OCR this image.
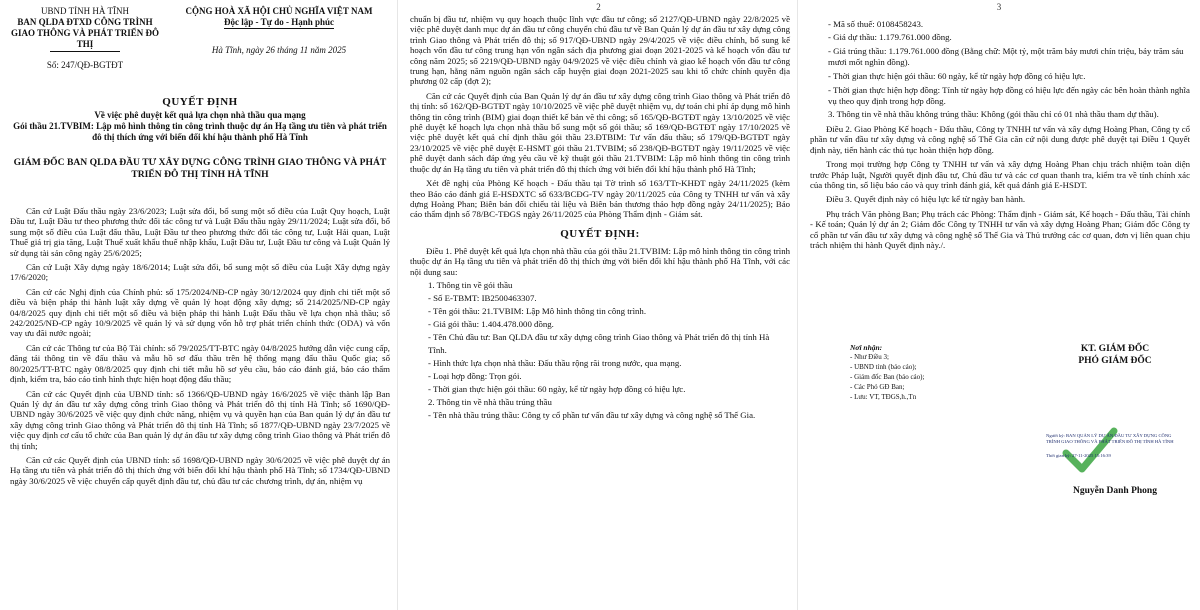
UBND TỈNH HÀ TĨNH
BAN QLDA ĐTXD CÔNG TRÌNH
GIAO THÔNG VÀ PHÁT TRIỂN ĐÔ THỊ
Số: 247/QĐ-BGTĐT
CỘNG HOÀ XÃ HỘI CHỦ NGHĨA VIỆT NAM
Độc lập - Tự do - Hạnh phúc
Hà Tĩnh, ngày 26 tháng 11 năm 2025
QUYẾT ĐỊNH
Về việc phê duyệt kết quả lựa chọn nhà thầu qua mạng
Gói thầu 21.TVBIM: Lập mô hình thông tin công trình thuộc dự án Hạ tầng ưu tiên và phát triển đô thị thích ứng với biến đổi khí hậu thành phố Hà Tĩnh
GIÁM ĐỐC BAN QLDA ĐẦU TƯ XÂY DỰNG CÔNG TRÌNH GIAO THÔNG VÀ PHÁT TRIỂN ĐÔ THỊ TỈNH HÀ TĨNH

Căn cứ Luật Đấu thầu ngày 23/6/2023; Luật sửa đổi, bổ sung một số điều của Luật Quy hoạch, Luật Đầu tư, Luật Đầu tư theo phương thức đối tác công tư và Luật Đấu thầu ngày 29/11/2024; Luật sửa đổi, bổ sung một số điều của Luật đấu thầu, Luật Đầu tư theo phương thức đối tác công tư, Luật Hải quan, Luật Thuế giá trị gia tăng, Luật Thuế xuất khẩu thuế nhập khẩu, Luật Đầu tư, Luật Đầu tư công và Luật Quản lý sử dụng tài sản công ngày 25/6/2025;

Căn cứ Luật Xây dựng ngày 18/6/2014; Luật sửa đổi, bổ sung một số điều của Luật Xây dựng ngày 17/6/2020;

Căn cứ các Nghị định của Chính phủ: số 175/2024/NĐ-CP ngày 30/12/2024 quy định chi tiết một số điều và biện pháp thi hành luật xây dựng về quản lý hoạt động xây dựng; số 214/2025/NĐ-CP ngày 04/8/2025 quy định chi tiết một số điều và biện pháp thi hành Luật Đấu thầu về lựa chọn nhà thầu; số 242/2025/NĐ-CP ngày 10/9/2025 về quản lý và sử dụng vốn hỗ trợ phát triển chính thức (ODA) và vốn vay ưu đãi nước ngoài;

Căn cứ các Thông tư của Bộ Tài chính: số 79/2025/TT-BTC ngày 04/8/2025 hướng dẫn việc cung cấp, đăng tải thông tin về đấu thầu và mẫu hồ sơ đấu thầu trên hệ thống mạng đấu thầu Quốc gia; số 80/2025/TT-BTC ngày 08/8/2025 quy định chi tiết mẫu hồ sơ yêu cầu, báo cáo đánh giá, báo cáo thẩm định, kiểm tra, báo cáo tình hình thực hiện hoạt động đấu thầu;

Căn cứ các Quyết định của UBND tỉnh: số 1366/QĐ-UBND ngày 16/6/2025 về việc thành lập Ban Quản lý dự án đầu tư xây dựng công trình Giao thông và Phát triển đô thị tỉnh Hà Tĩnh; số 1690/QĐ-UBND ngày 30/6/2025 về việc quy định chức năng, nhiệm vụ và quyền hạn của Ban quản lý dự án đầu tư xây dựng công trình Giao thông và Phát triển đô thị tỉnh Hà Tĩnh; số 1877/QĐ-UBND ngày 23/7/2025 về việc quy định cơ cấu tổ chức của Ban quản lý dự án đầu tư xây dựng công trình Giao thông và Phát triển đô thị tỉnh;

Căn cứ các Quyết định của UBND tỉnh: số 1698/QĐ-UBND ngày 30/6/2025 về việc phê duyệt dự án Hạ tầng ưu tiên và phát triển đô thị thích ứng với biến đổi khí hậu thành phố Hà Tĩnh; số 1734/QĐ-UBND ngày 30/6/2025 về việc chuyển cấp quyết định đầu tư, chủ đầu tư các chương trình, dự án, nhiệm vụ

2

chuẩn bị đầu tư, nhiệm vụ quy hoạch thuộc lĩnh vực đầu tư công; số 2127/QĐ-UBND ngày 22/8/2025 về việc phê duyệt danh mục dự án đầu tư công chuyển chủ đầu tư về Ban Quản lý dự án đầu tư xây dựng công trình Giao thông và Phát triển đô thị; số 917/QĐ-UBND ngày 29/4/2025 về việc điều chỉnh, bổ sung kế hoạch vốn đầu tư công trung hạn vốn ngân sách địa phương giai đoạn 2021-2025 và kế hoạch vốn đầu tư công năm 2025; số 2219/QĐ-UBND ngày 04/9/2025 về việc điều chỉnh và giao kế hoạch vốn đầu tư công trung hạn, hằng năm nguồn ngân sách cấp huyện giai đoạn 2021-2025 sau khi tổ chức chính quyền địa phương 02 cấp (đợt 2);

Căn cứ các Quyết định của Ban Quản lý dự án đầu tư xây dựng công trình Giao thông và Phát triển đô thị tỉnh: số 162/QĐ-BGTĐT ngày 10/10/2025 về việc phê duyệt nhiệm vụ, dự toán chi phí áp dụng mô hình thông tin công trình (BIM) giai đoạn thiết kế bản vẽ thi công; số 165/QĐ-BGTĐT ngày 13/10/2025 về việc phê duyệt kế hoạch lựa chọn nhà thầu bổ sung một số gói thầu; số 169/QĐ-BGTĐT ngày 17/10/2025 về việc phê duyệt kết quả chỉ định thầu gói thầu 23.ĐTBIM: Tư vấn đấu thầu; số 179/QĐ-BGTĐT ngày 23/10/2025 về việc phê duyệt E-HSMT gói thầu 21.TVBIM; số 238/QĐ-BGTĐT ngày 19/11/2025 về việc phê duyệt danh sách đáp ứng yêu cầu về kỹ thuật gói thầu 21.TVBIM: Lập mô hình thông tin công trình thuộc dự án Hạ tầng ưu tiên và phát triển đô thị thích ứng với biến đổi khí hậu thành phố Hà Tĩnh;

Xét đề nghị của Phòng Kế hoạch - Đấu thầu tại Tờ trình số 163/TTr-KHĐT ngày 24/11/2025 (kèm theo Báo cáo đánh giá E-HSĐXTC số 633/BCĐG-TV ngày 20/11/2025 của Công ty TNHH tư vấn và xây dựng Hoàng Phan; Biên bản đối chiếu tài liệu và Biên bản thương thảo hợp đồng ngày 24/11/2025); Báo cáo thẩm định số 78/BC-TĐGS ngày 26/11/2025 của Phòng Thẩm định - Giám sát.

QUYẾT ĐỊNH:

Điều 1. Phê duyệt kết quả lựa chọn nhà thầu của gói thầu 21.TVBIM: Lập mô hình thông tin công trình thuộc dự án Hạ tầng ưu tiên và phát triển đô thị thích ứng với biến đổi khí hậu thành phố Hà Tĩnh, với các nội dung sau:

1. Thông tin về gói thầu

- Số E-TBMT: IB2500463307.

- Tên gói thầu: 21.TVBIM: Lập Mô hình thông tin công trình.

- Giá gói thầu: 1.404.478.000 đồng.

- Tên Chủ đầu tư: Ban QLDA đầu tư xây dựng công trình Giao thông và Phát triển đô thị tỉnh Hà Tĩnh.

- Hình thức lựa chọn nhà thầu: Đấu thầu rộng rãi trong nước, qua mạng.

- Loại hợp đồng: Trọn gói.

- Thời gian thực hiện gói thầu: 60 ngày, kể từ ngày hợp đồng có hiệu lực.

2. Thông tin về nhà thầu trúng thầu

- Tên nhà thầu trúng thầu: Công ty cổ phần tư vấn đầu tư xây dựng và công nghệ số Thế Gia.

3

- Mã số thuế: 0108458243.

- Giá dự thầu: 1.179.761.000 đồng.

- Giá trúng thầu: 1.179.761.000 đồng (Bằng chữ: Một tỷ, một trăm bảy mươi chín triệu, bảy trăm sáu mươi mốt nghìn đồng).

- Thời gian thực hiện gói thầu: 60 ngày, kể từ ngày hợp đồng có hiệu lực.

- Thời gian thực hiện hợp đồng: Tính từ ngày hợp đồng có hiệu lực đến ngày các bên hoàn thành nghĩa vụ theo quy định trong hợp đồng.

3. Thông tin về nhà thầu không trúng thầu: Không (gói thầu chỉ có 01 nhà thầu tham dự thầu).

Điều 2. Giao Phòng Kế hoạch - Đấu thầu, Công ty TNHH tư vấn và xây dựng Hoàng Phan, Công ty cổ phần tư vấn đầu tư xây dựng và công nghệ số Thế Gia căn cứ nội dung được phê duyệt tại Điều 1 Quyết định này, tiến hành các thủ tục hoàn thiện hợp đồng.

Trong mọi trường hợp Công ty TNHH tư vấn và xây dựng Hoàng Phan chịu trách nhiệm toàn diện trước Pháp luật, Người quyết định đầu tư, Chủ đầu tư và các cơ quan thanh tra, kiểm tra về tính chính xác của thông tin, số liệu báo cáo và quy trình đánh giá, kết quả đánh giá E-HSDT.

Điều 3. Quyết định này có hiệu lực kể từ ngày ban hành.

Phụ trách Văn phòng Ban; Phụ trách các Phòng: Thẩm định - Giám sát, Kế hoạch - Đấu thầu, Tài chính - Kế toán; Quản lý dự án 2; Giám đốc Công ty TNHH tư vấn và xây dựng Hoàng Phan; Giám đốc Công ty cổ phần tư vấn đầu tư xây dựng và công nghệ số Thế Gia và Thủ trưởng các cơ quan, đơn vị liên quan chịu trách nhiệm thi hành Quyết định này./.

Nơi nhận:
- Như Điều 3;
- UBND tỉnh (báo cáo);
- Giám đốc Ban (báo cáo);
- Các Phó GĐ Ban;
- Lưu: VT, TĐGS,h.,Tn
KT. GIÁM ĐỐC
PHÓ GIÁM ĐỐC
Người ký: BAN QUẢN LÝ DỰ ÁN ĐẦU TƯ XÂY DỰNG CÔNG TRÌNH GIAO THÔNG VÀ PHÁT TRIỂN ĐÔ THỊ TỈNH HÀ TĨNH
Thời gian ký: 27-11-2025 15:16:39
Nguyễn Danh Phong
